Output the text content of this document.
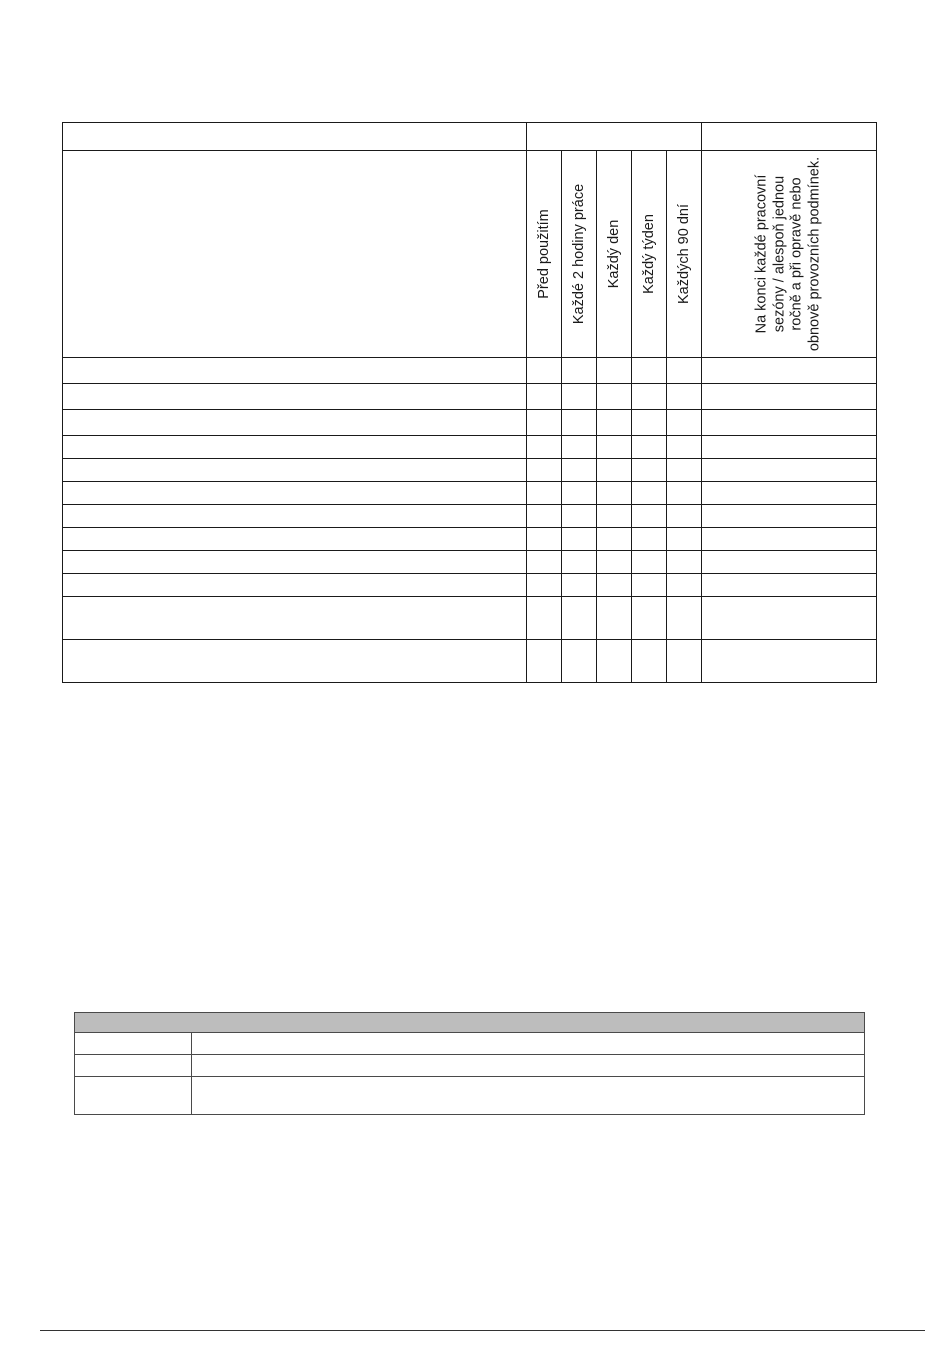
	Před použitím	Každé 2 hodiny práce	Každý den	Každý týden	Každých 90 dní	Na konci každé pracovní sezóny / alespoň jednou ročně a při opravě nebo obnově provozních podmínek.
